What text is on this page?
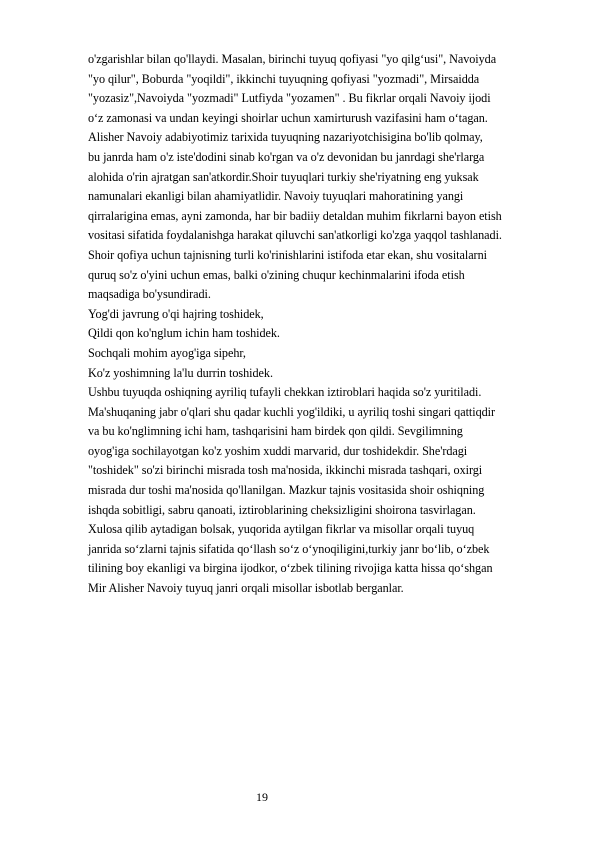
o'zgarishlar bilan qo'llaydi. Masalan, birinchi tuyuq qofiyasi "yo qilgʻusi", Navoiyda
"yo qilur", Boburda "yoqildi", ikkinchi tuyuqning qofiyasi "yozmadi", Mirsaidda
"yozasiz",Navoiyda "yozmadi" Lutfiyda "yozamen" . Bu fikrlar orqali Navoiy ijodi
oʻz zamonasi va undan keyingi shoirlar uchun xamirturush vazifasini ham oʻtagan.
Alisher Navoiy adabiyotimiz tarixida tuyuqning nazariyotchisigina bo'lib qolmay,
bu janrda ham o'z iste'dodini sinab ko'rgan va o'z devonidan bu janrdagi she'rlarga
alohida o'rin ajratgan san'atkordir.Shoir tuyuqlari turkiy she'riyatning eng yuksak
namunalari ekanligi bilan ahamiyatlidir. Navoiy tuyuqlari mahoratining yangi
qirralarigina emas, ayni zamonda, har bir badiiy detaldan muhim fikrlarni bayon etish
vositasi sifatida foydalanishga harakat qiluvchi san'atkorligi ko'zga yaqqol tashlanadi.
Shoir qofiya uchun tajnisning turli ko'rinishlarini istifoda etar ekan, shu vositalarni
quruq so'z o'yini uchun emas, balki o'zining chuqur kechinmalarini ifoda etish
maqsadiga bo'ysundiradi.
Yog'di javrung o'qi hajring toshidek,
Qildi qon ko'nglum ichin ham toshidek.
Sochqali mohim ayog'iga sipehr,
Ko'z yoshimning la'lu durrin toshidek.
Ushbu tuyuqda oshiqning ayriliq tufayli chekkan iztiroblari haqida so'z yuritiladi.
Ma'shuqaning jabr o'qlari shu qadar kuchli yog'ildiki, u ayriliq toshi singari qattiqdir
va bu ko'nglimning ichi ham, tashqarisini ham birdek qon qildi. Sevgilimning
oyog'iga sochilayotgan ko'z yoshim xuddi marvarid, dur toshidekdir. She'rdagi
"toshidek" so'zi birinchi misrada tosh ma'nosida, ikkinchi misrada tashqari, oxirgi
misrada dur toshi ma'nosida qo'llanilgan. Mazkur tajnis vositasida shoir oshiqning
ishqda sobitligi, sabru qanoati, iztiroblarining cheksizligini shoirona tasvirlagan.
Xulosa qilib aytadigan bolsak, yuqorida aytilgan fikrlar va misollar orqali tuyuq
janrida soʻzlarni tajnis sifatida qoʻllash soʻz oʻynoqiligini,turkiy janr boʻlib, oʻzbek
tilining boy ekanligi va birgina ijodkor, oʻzbek tilining rivojiga katta hissa qoʻshgan
Mir Alisher Navoiy tuyuq janri orqali misollar isbotlab berganlar.
19
